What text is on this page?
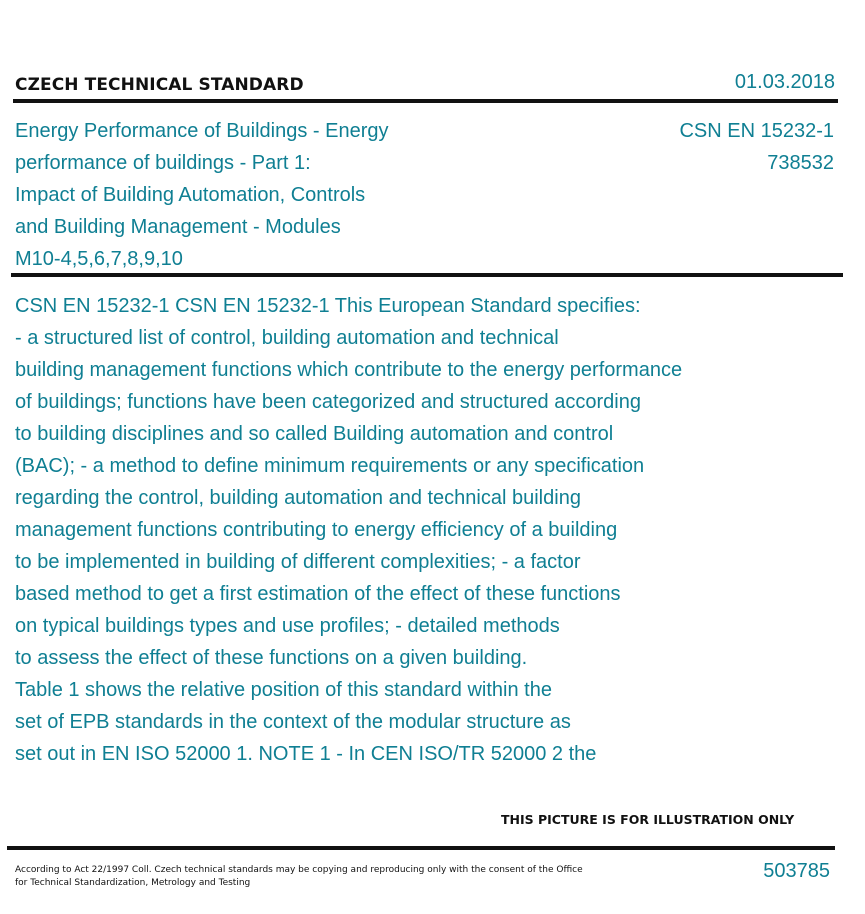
CZECH TECHNICAL STANDARD	01.03.2018
Energy Performance of Buildings - Energy
performance of buildings - Part 1:
Impact of Building Automation, Controls
and Building Management - Modules
M10-4,5,6,7,8,9,10
CSN EN 15232-1
738532
CSN EN 15232-1 CSN EN 15232-1 This European Standard specifies:
- a structured list of control, building automation and technical
building management functions which contribute to the energy performance
of buildings; functions have been categorized and structured according
to building disciplines and so called Building automation and control
(BAC); - a method to define minimum requirements or any specification
regarding the control, building automation and technical building
management functions contributing to energy efficiency of a building
to be implemented in building of different complexities; - a factor
based method to get a first estimation of the effect of these functions
on typical buildings types and use profiles; - detailed methods
to assess the effect of these functions on a given building.
Table 1 shows the relative position of this standard within the
set of EPB standards in the context of the modular structure as
set out in EN ISO 52000 1. NOTE 1 - In CEN ISO/TR 52000 2 the
THIS PICTURE IS FOR ILLUSTRATION ONLY
According to Act 22/1997 Coll. Czech technical standards may be copying and reproducing only with the consent of the Office
for Technical Standardization, Metrology and Testing
503785
